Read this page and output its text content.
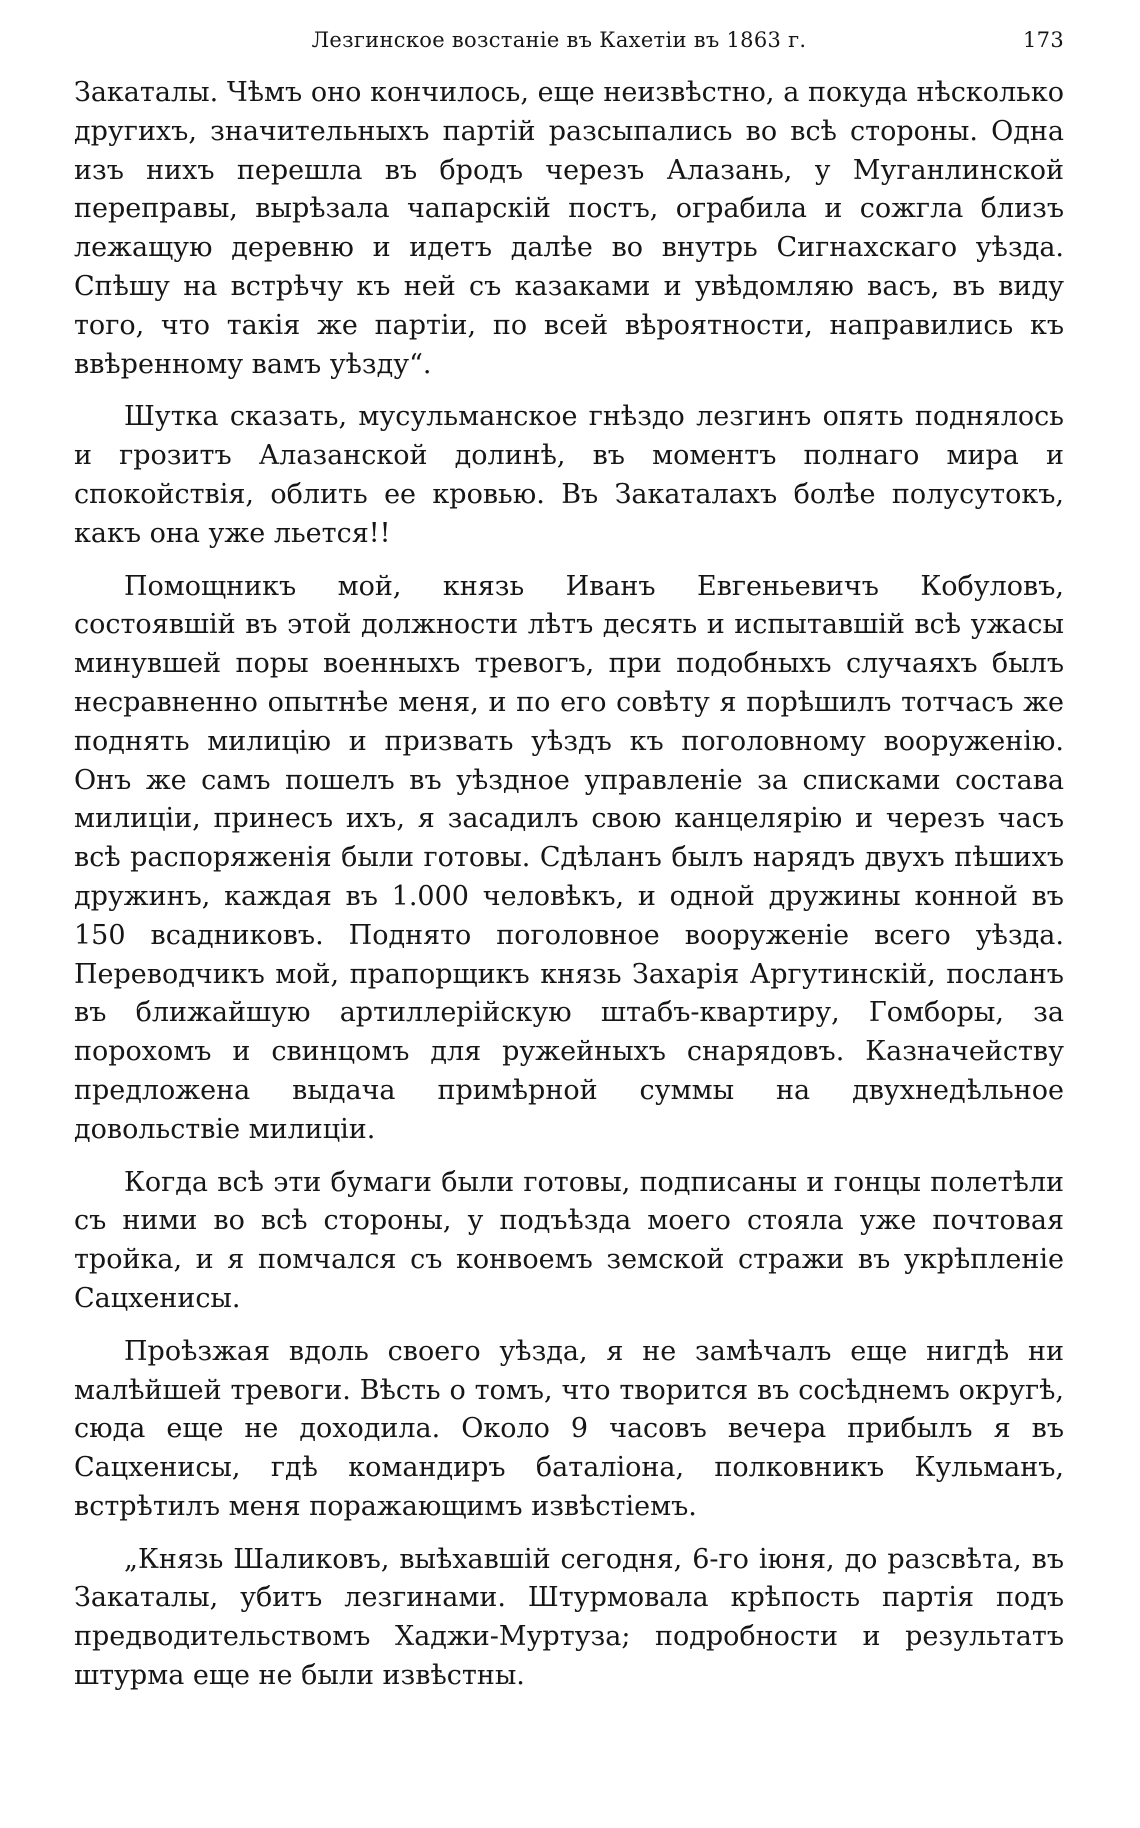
Лезгинское возстаніе въ Кахетіи въ 1863 г.	173

Закаталы. Чѣмъ оно кончилось, еще неизвѣстно, а покуда нѣсколько другихъ, значительныхъ партій разсыпались во всѣ стороны. Одна изъ нихъ перешла въ бродъ черезъ Алазань, у Муганлинской переправы, вырѣзала чапарскій постъ, ограбила и сожгла близъ лежащую деревню и идетъ далѣе во внутрь Сигнахскаго уѣзда. Спѣшу на встрѣчу къ ней съ казаками и увѣдомляю васъ, въ виду того, что такія же партіи, по всей вѣроятности, направились къ ввѣренному вамъ уѣзду“.

Шутка сказать, мусульманское гнѣздо лезгинъ опять поднялось и грозитъ Алазанской долинѣ, въ моментъ полнаго мира и спокойствія, облить ее кровью. Въ Закаталахъ болѣе полусутокъ, какъ она уже льется!!

Помощникъ мой, князь Иванъ Евгеньевичъ Кобуловъ, состоявшій въ этой должности лѣтъ десять и испытавшій всѣ ужасы минувшей поры военныхъ тревогъ, при подобныхъ случаяхъ былъ несравненно опытнѣе меня, и по его совѣту я порѣшилъ тотчасъ же поднять милицію и призвать уѣздъ къ поголовному вооруженію. Онъ же самъ пошелъ въ уѣздное управленіе за списками состава милиціи, принесъ ихъ, я засадилъ свою канцелярію и черезъ часъ всѣ распоряженія были готовы. Сдѣланъ былъ нарядъ двухъ пѣшихъ дружинъ, каждая въ 1.000 человѣкъ, и одной дружины конной въ 150 всадниковъ. Поднято поголовное вооруженіе всего уѣзда. Переводчикъ мой, прапорщикъ князь Захарія Аргутинскій, посланъ въ ближайшую артиллерійскую штабъ-квартиру, Гомборы, за порохомъ и свинцомъ для ружейныхъ снарядовъ. Казначейству предложена выдача примѣрной суммы на двухнедѣльное довольствіе милиціи.

Когда всѣ эти бумаги были готовы, подписаны и гонцы полетѣли съ ними во всѣ стороны, у подъѣзда моего стояла уже почтовая тройка, и я помчался съ конвоемъ земской стражи въ укрѣпленіе Сацхенисы.

Проѣзжая вдоль своего уѣзда, я не замѣчалъ еще нигдѣ ни малѣйшей тревоги. Вѣсть о томъ, что творится въ сосѣднемъ округѣ, сюда еще не доходила. Около 9 часовъ вечера прибылъ я въ Сацхенисы, гдѣ командиръ баталіона, полковникъ Кульманъ, встрѣтилъ меня поражающимъ извѣстіемъ.

„Князь Шаликовъ, выѣхавшій сегодня, 6-го іюня, до разсвѣта, въ Закаталы, убитъ лезгинами. Штурмовала крѣпость партія подъ предводительствомъ Хаджи-Муртуза; подробности и результатъ штурма еще не были извѣстны.
